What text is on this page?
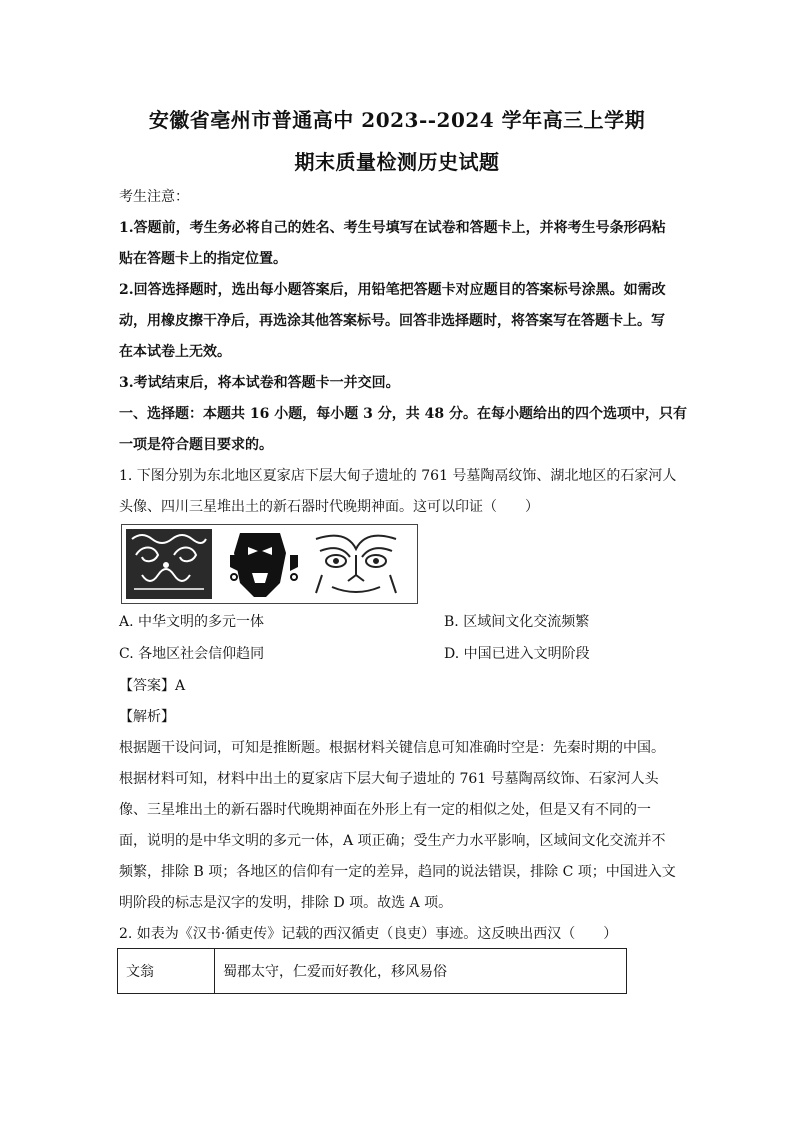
安徽省亳州市普通高中 2023--2024 学年高三上学期
期末质量检测历史试题
考生注意：
1.答题前，考生务必将自己的姓名、考生号填写在试卷和答题卡上，并将考生号条形码粘
贴在答题卡上的指定位置。
2.回答选择题时，选出每小题答案后，用铅笔把答题卡对应题目的答案标号涂黑。如需改
动，用橡皮擦干净后，再选涂其他答案标号。回答非选择题时，将答案写在答题卡上。写
在本试卷上无效。
3.考试结束后，将本试卷和答题卡一并交回。
一、选择题：本题共 16 小题，每小题 3 分，共 48 分。在每小题给出的四个选项中，只有
一项是符合题目要求的。
1. 下图分别为东北地区夏家店下层大甸子遗址的 761 号墓陶鬲纹饰、湖北地区的石家河人
头像、四川三星堆出土的新石器时代晚期神面。这可以印证（　　）
A. 中华文明的多元一体	B. 区域间文化交流频繁
C. 各地区社会信仰趋同	D. 中国已进入文明阶段
【答案】A
【解析】
根据题干设问词，可知是推断题。根据材料关键信息可知准确时空是：先秦时期的中国。
根据材料可知，材料中出土的夏家店下层大甸子遗址的 761 号墓陶鬲纹饰、石家河人头
像、三星堆出土的新石器时代晚期神面在外形上有一定的相似之处，但是又有不同的一
面，说明的是中华文明的多元一体，A 项正确；受生产力水平影响，区域间文化交流并不
频繁，排除 B 项；各地区的信仰有一定的差异，趋同的说法错误，排除 C 项；中国进入文
明阶段的标志是汉字的发明，排除 D 项。故选 A 项。
2. 如表为《汉书·循吏传》记载的西汉循吏（良吏）事迹。这反映出西汉（　　）
文翁	蜀郡太守，仁爱而好教化，移风易俗
